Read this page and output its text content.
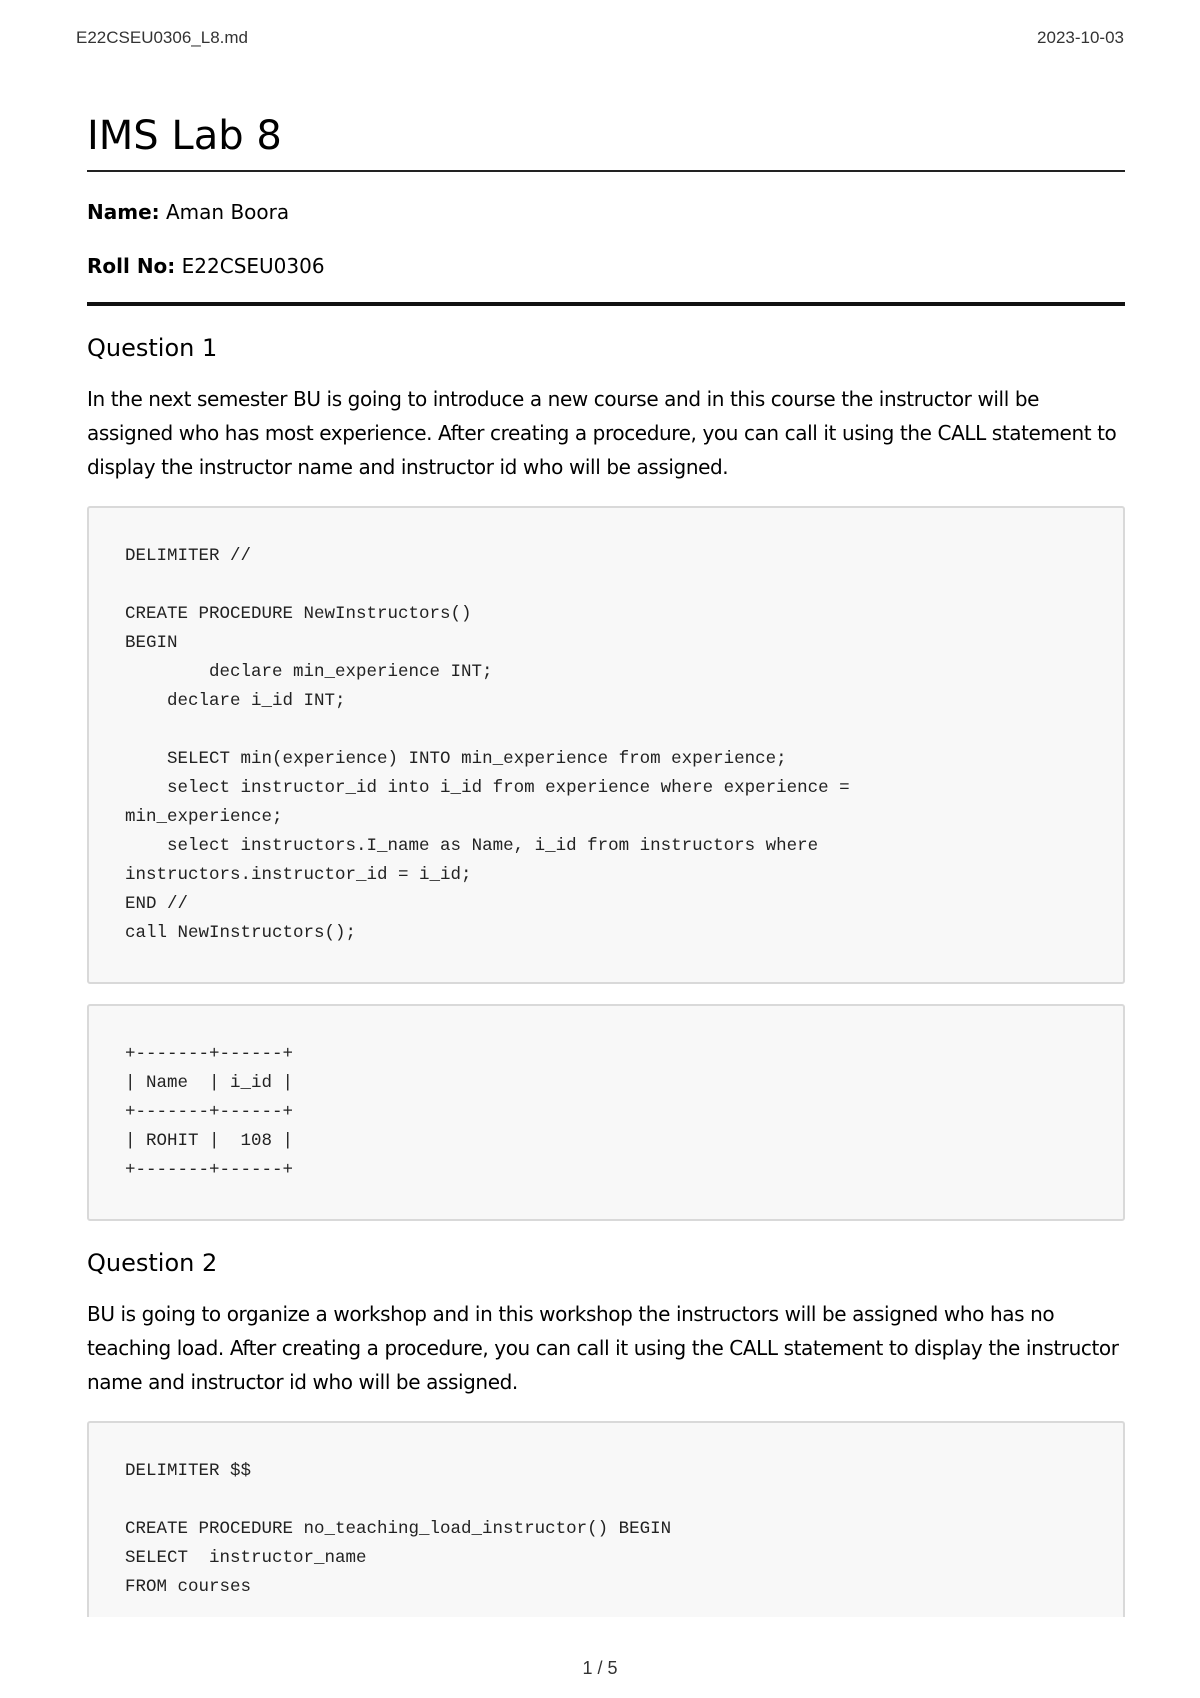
E22CSEU0306_L8.md	2023-10-03
IMS Lab 8

Name: Aman Boora

Roll No: E22CSEU0306

Question 1

In the next semester BU is going to introduce a new course and in this course the instructor will be assigned who has most experience. After creating a procedure, you can call it using the CALL statement to display the instructor name and instructor id who will be assigned.

DELIMITER //

CREATE PROCEDURE NewInstructors()
BEGIN
declare min_experience INT;
declare i_id INT;

SELECT min(experience) INTO min_experience from experience;
select instructor_id into i_id from experience where experience =
min_experience;
select instructors.I_name as Name, i_id from instructors where
instructors.instructor_id = i_id;
END //
call NewInstructors();
+-------+------+
| Name  | i_id |
+-------+------+
| ROHIT |  108 |
+-------+------+
Question 2

BU is going to organize a workshop and in this workshop the instructors will be assigned who has no teaching load. After creating a procedure, you can call it using the CALL statement to display the instructor name and instructor id who will be assigned.

DELIMITER $$

CREATE PROCEDURE no_teaching_load_instructor() BEGIN
SELECT  instructor_name
FROM courses
1 / 5
